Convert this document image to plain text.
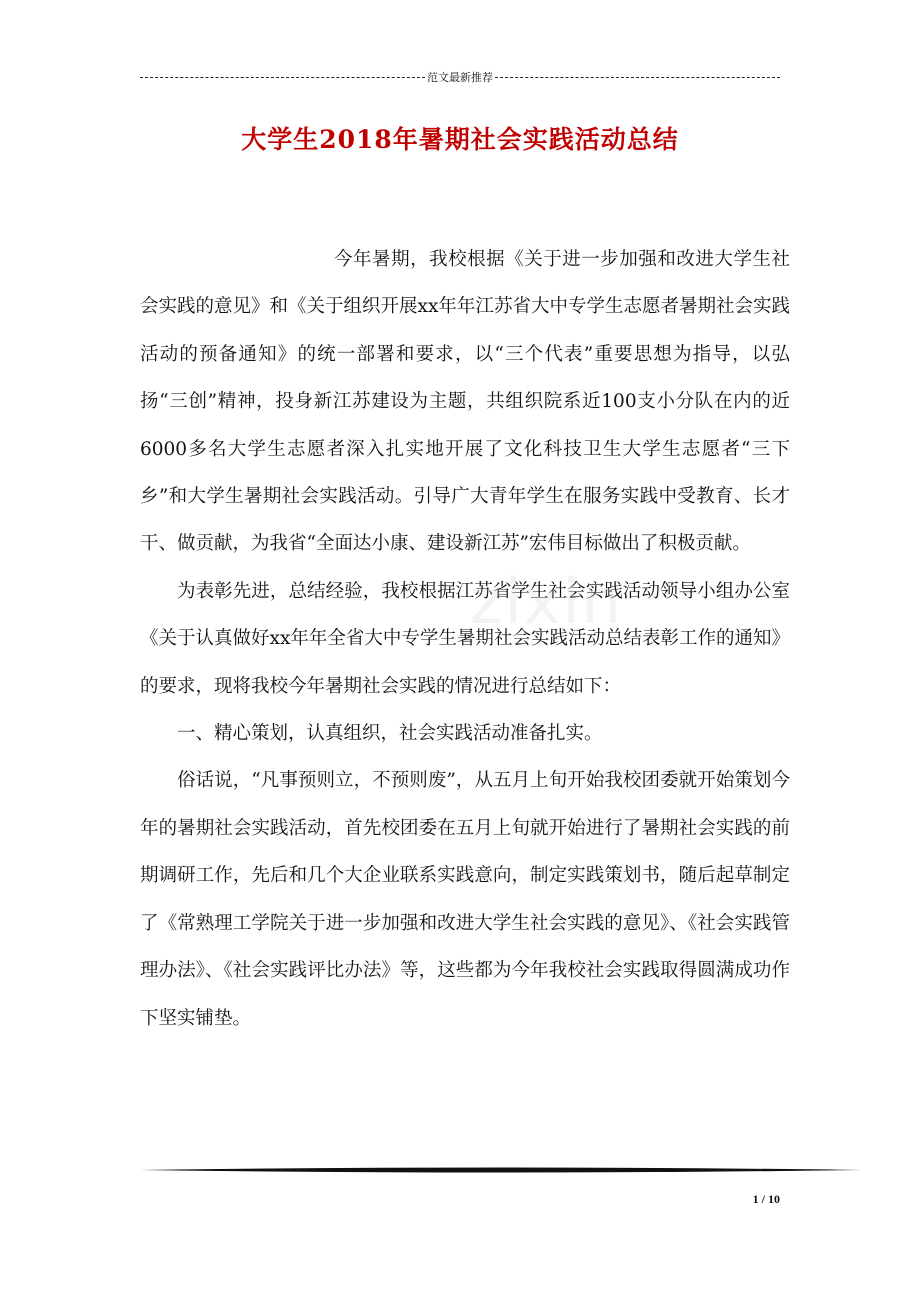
范文最新推荐
大学生2018年暑期社会实践活动总结

今年暑期，我校根据《关于进一步加强和改进大学生社会实践的意见》和《关于组织开展xx年年江苏省大中专学生志愿者暑期社会实践活动的预备通知》的统一部署和要求，以“三个代表”重要思想为指导，以弘扬“三创”精神，投身新江苏建设为主题，共组织院系近100支小分队在内的近6000多名大学生志愿者深入扎实地开展了文化科技卫生大学生志愿者“三下乡”和大学生暑期社会实践活动。引导广大青年学生在服务实践中受教育、长才干、做贡献，为我省“全面达小康、建设新江苏”宏伟目标做出了积极贡献。

为表彰先进，总结经验，我校根据江苏省学生社会实践活动领导小组办公室《关于认真做好xx年年全省大中专学生暑期社会实践活动总结表彰工作的通知》的要求，现将我校今年暑期社会实践的情况进行总结如下：

一、精心策划，认真组织，社会实践活动准备扎实。

俗话说，“凡事预则立，不预则废”，从五月上旬开始我校团委就开始策划今年的暑期社会实践活动，首先校团委在五月上旬就开始进行了暑期社会实践的前期调研工作，先后和几个大企业联系实践意向，制定实践策划书，随后起草制定了《常熟理工学院关于进一步加强和改进大学生社会实践的意见》、《社会实践管理办法》、《社会实践评比办法》等，这些都为今年我校社会实践取得圆满成功作下坚实铺垫。

zixin
1 / 10
